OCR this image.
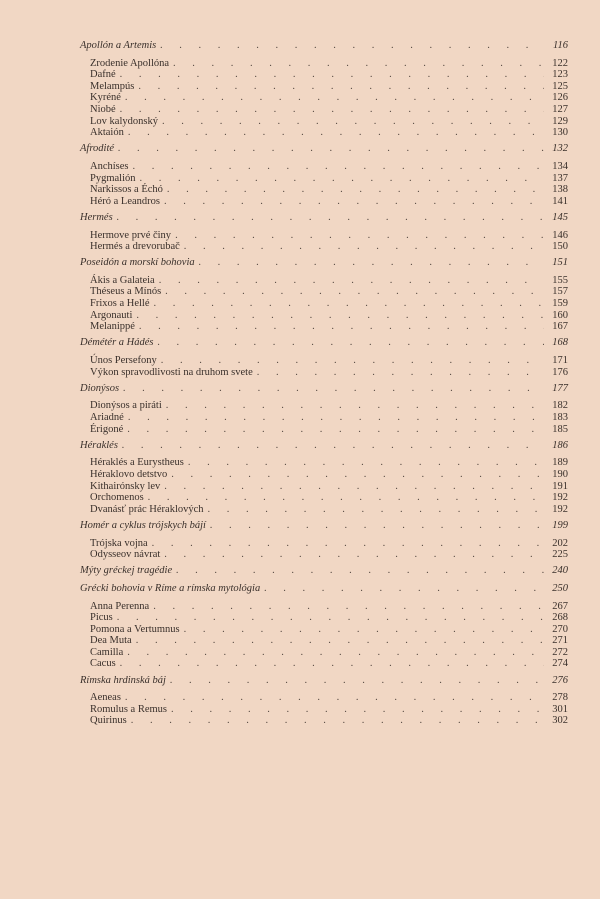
Apollón a Artemis . . .	116
Zrodenie Apollóna . . .	122
Dafné . . .	123
Melampús . . .	125
Kyréné . . .	126
Niobé . . .	127
Lov kalydonský . . .	129
Aktaión . . .	130
Afrodité . . .	132
Anchíses . . .	134
Pygmalión . . .	137
Narkissos a Échó . . .	138
Héró a Leandros . . .	141
Hermés . . .	145
Hermove prvé činy . . .	146
Hermés a drevorubač . . .	150
Poseidón a morskí bohovia . . .	151
Ákis a Galateia . . .	155
Théseus a Mínós . . .	157
Frixos a Hellé . . .	159
Argonauti . . .	160
Melanippé . . .	167
Démétér a Hádés . . .	168
Únos Persefony . . .	171
Výkon spravodlivosti na druhom svete . . .	176
Dionýsos . . .	177
Dionýsos a piráti . . .	182
Ariadné . . .	183
Érigoné . . .	185
Héraklés . . .	186
Héraklés a Eurystheus . . .	189
Héraklovo detstvo . . .	190
Kithairónsky lev . . .	191
Orchomenos . . .	192
Dvanásť prác Héraklových . . .	192
Homér a cyklus trójskych bájí . . .	199
Trójska vojna . . .	202
Odysseov návrat . . .	225
Mýty gréckej tragédie . . .	240
Grécki bohovia v Ríme a rímska mytológia . . .	250
Anna Perenna . . .	267
Picus . . .	268
Pomona a Vertumnus . . .	270
Dea Muta . . .	271
Camilla . . .	272
Cacus . . .	274
Rímska hrdinská báj . . .	276
Aeneas . . .	278
Romulus a Remus . . .	301
Quirinus . . .	302
